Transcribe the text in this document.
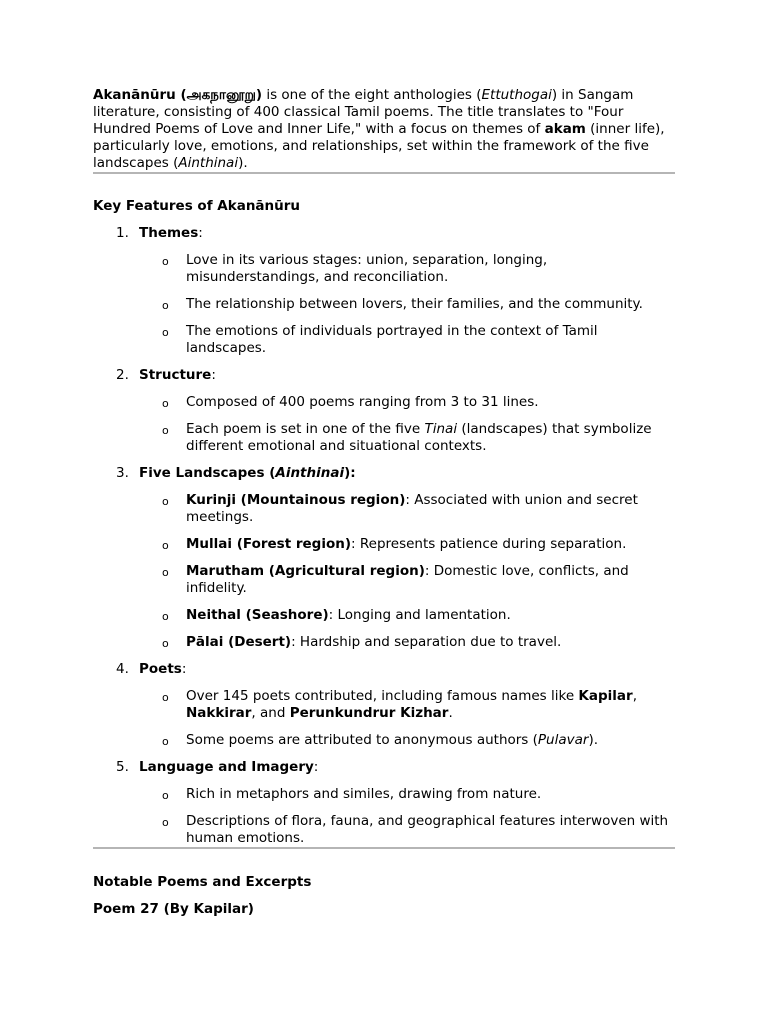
Akanānūru (அகநானூறு) is one of the eight anthologies (Ettuthogai) in Sangam literature, consisting of 400 classical Tamil poems. The title translates to "Four Hundred Poems of Love and Inner Life," with a focus on themes of akam (inner life), particularly love, emotions, and relationships, set within the framework of the five landscapes (Ainthinai).

Key Features of Akanānūru
1. Themes:
o Love in its various stages: union, separation, longing, misunderstandings, and reconciliation.
o The relationship between lovers, their families, and the community.
o The emotions of individuals portrayed in the context of Tamil landscapes.
2. Structure:
o Composed of 400 poems ranging from 3 to 31 lines.
o Each poem is set in one of the five Tinai (landscapes) that symbolize different emotional and situational contexts.
3. Five Landscapes (Ainthinai):
o Kurinji (Mountainous region): Associated with union and secret meetings.
o Mullai (Forest region): Represents patience during separation.
o Marutham (Agricultural region): Domestic love, conflicts, and infidelity.
o Neithal (Seashore): Longing and lamentation.
o Pālai (Desert): Hardship and separation due to travel.
4. Poets:
o Over 145 poets contributed, including famous names like Kapilar, Nakkirar, and Perunkundrur Kizhar.
o Some poems are attributed to anonymous authors (Pulavar).
5. Language and Imagery:
o Rich in metaphors and similes, drawing from nature.
o Descriptions of flora, fauna, and geographical features interwoven with human emotions.
Notable Poems and Excerpts
Poem 27 (By Kapilar)
